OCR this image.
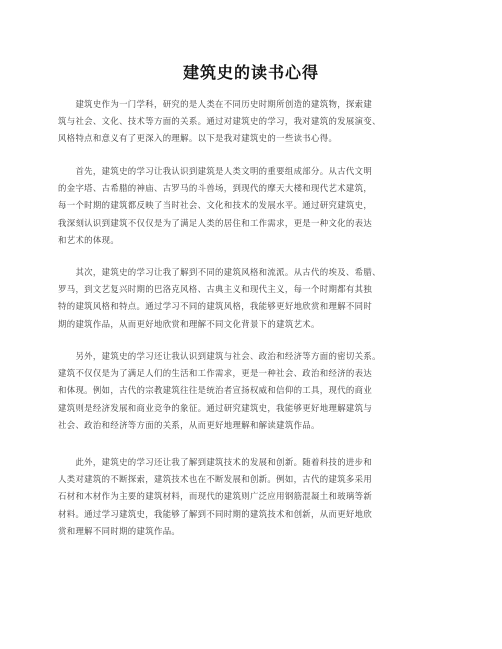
建筑史的读书心得
　　建筑史作为一门学科，研究的是人类在不同历史时期所创造的建筑物，探索建
筑与社会、文化、技术等方面的关系。通过对建筑史的学习，我对建筑的发展演变、
风格特点和意义有了更深入的理解。以下是我对建筑史的一些读书心得。
　　首先，建筑史的学习让我认识到建筑是人类文明的重要组成部分。从古代文明
的金字塔、古希腊的神庙、古罗马的斗兽场，到现代的摩天大楼和现代艺术建筑，
每一个时期的建筑都反映了当时社会、文化和技术的发展水平。通过研究建筑史，
我深刻认识到建筑不仅仅是为了满足人类的居住和工作需求，更是一种文化的表达
和艺术的体现。
　　其次，建筑史的学习让我了解到不同的建筑风格和流派。从古代的埃及、希腊、
罗马，到文艺复兴时期的巴洛克风格、古典主义和现代主义，每一个时期都有其独
特的建筑风格和特点。通过学习不同的建筑风格，我能够更好地欣赏和理解不同时
期的建筑作品，从而更好地欣赏和理解不同文化背景下的建筑艺术。
　　另外，建筑史的学习还让我认识到建筑与社会、政治和经济等方面的密切关系。
建筑不仅仅是为了满足人们的生活和工作需求，更是一种社会、政治和经济的表达
和体现。例如，古代的宗教建筑往往是统治者宣扬权威和信仰的工具，现代的商业
建筑则是经济发展和商业竞争的象征。通过研究建筑史，我能够更好地理解建筑与
社会、政治和经济等方面的关系，从而更好地理解和解读建筑作品。
　　此外，建筑史的学习还让我了解到建筑技术的发展和创新。随着科技的进步和
人类对建筑的不断探索，建筑技术也在不断发展和创新。例如，古代的建筑多采用
石材和木材作为主要的建筑材料，而现代的建筑则广泛应用钢筋混凝土和玻璃等新
材料。通过学习建筑史，我能够了解到不同时期的建筑技术和创新，从而更好地欣
赏和理解不同时期的建筑作品。
